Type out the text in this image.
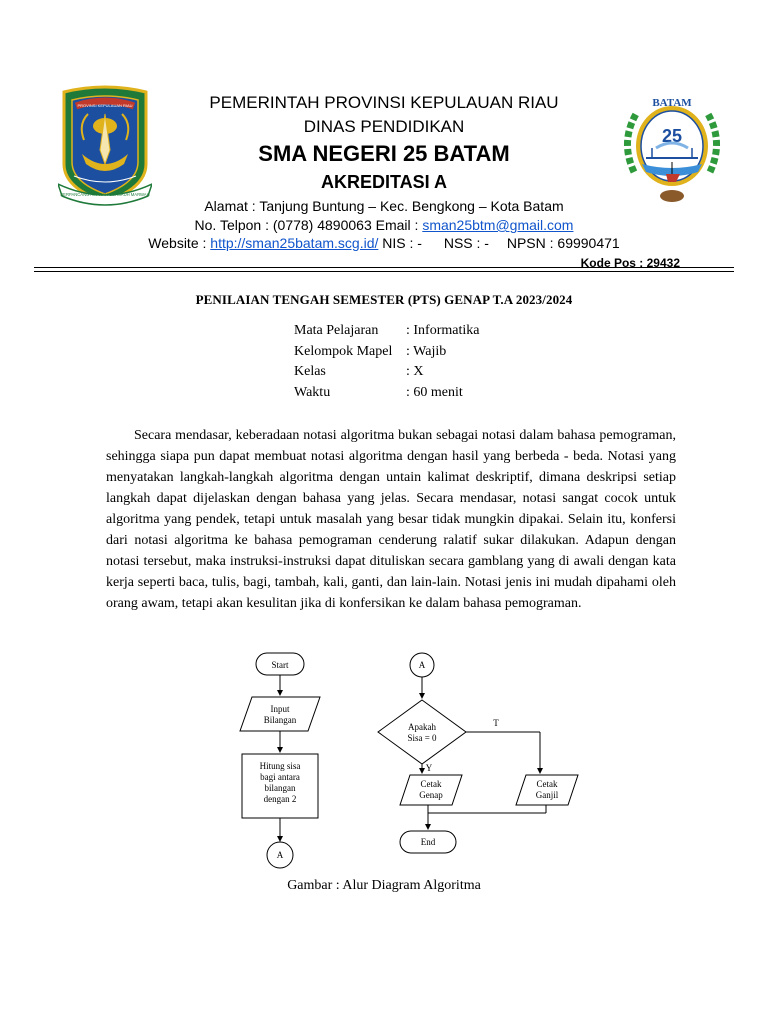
PROVINSI KEPULAUAN RIAU
BERPANCANG AMANAH BERSAUH MARWAH
BATAM
25
PEMERINTAH PROVINSI KEPULAUAN RIAU
DINAS PENDIDIKAN
SMA NEGERI 25 BATAM
AKREDITASI A
Alamat : Tanjung Buntung – Kec. Bengkong – Kota Batam
No. Telpon : (0778) 4890063 Email : sman25btm@gmail.com
Website : http://sman25batam.scg.id/ NIS : - NSS : - NPSN : 69990471
Kode Pos : 29432
PENILAIAN TENGAH SEMESTER (PTS) GENAP T.A 2023/2024
Mata Pelajaran	: Informatika
Kelompok Mapel : Wajib
Kelas	: X
Waktu	: 60 menit

Secara mendasar, keberadaan notasi algoritma bukan sebagai notasi dalam bahasa pemograman, sehingga siapa pun dapat membuat notasi algoritma dengan hasil yang berbeda - beda. Notasi yang menyatakan langkah-langkah algoritma dengan untain kalimat deskriptif, dimana deskripsi setiap langkah dapat dijelaskan dengan bahasa yang jelas. Secara mendasar, notasi sangat cocok untuk algoritma yang pendek, tetapi untuk masalah yang besar tidak mungkin dipakai. Selain itu, konfersi dari notasi algoritma ke bahasa pemograman cenderung ralatif sukar dilakukan. Adapun dengan notasi tersebut, maka instruksi-instruksi dapat dituliskan secara gamblang yang di awali dengan kata kerja seperti baca, tulis, bagi, tambah, kali, ganti, dan lain-lain. Notasi jenis ini mudah dipahami oleh orang awam, tetapi akan kesulitan jika di konfersikan ke dalam bahasa pemograman.

Start
Input
Bilangan
Hitung sisa
bagi antara
bilangan
dengan 2
A
A
Apakah
Sisa = 0
T
Y
Cetak
Genap
Cetak
Ganjil
End
Gambar : Alur Diagram Algoritma
